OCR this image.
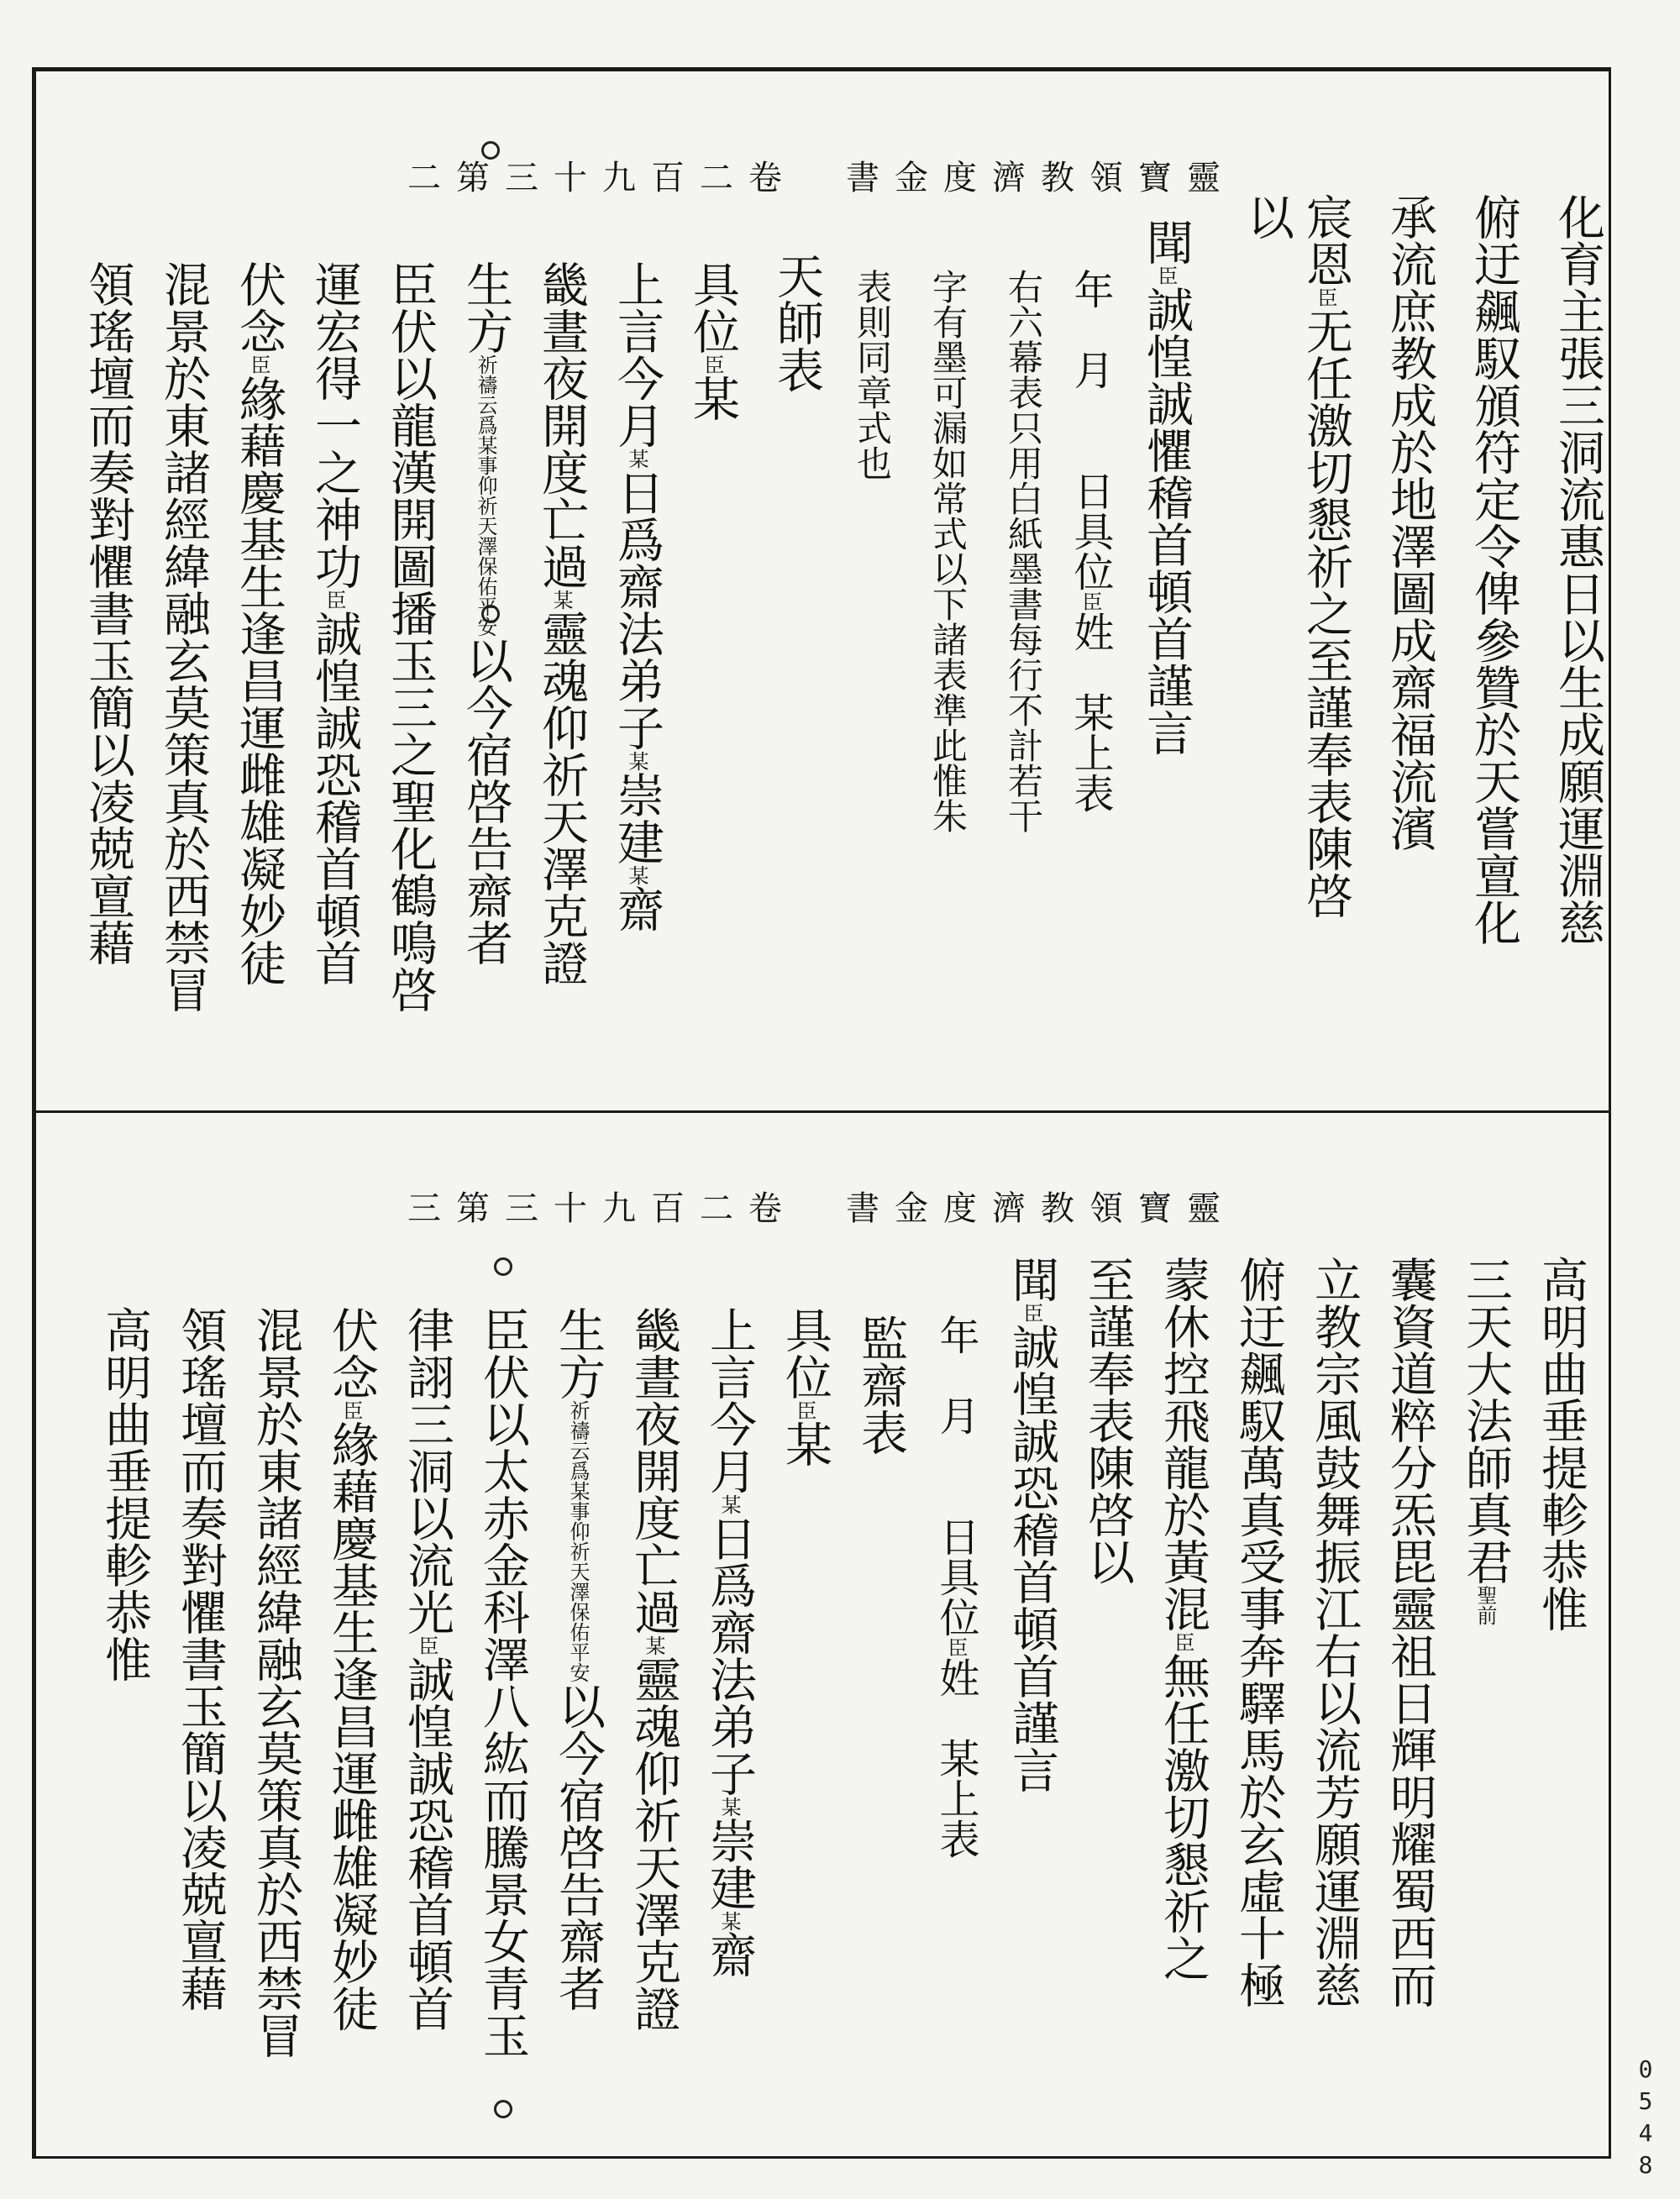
靈寶領教濟度金書卷二百九十三第二
化育主張三洞流惠日以生成願運淵慈
俯迂飆馭頒符定令俾參贊於天嘗亶化
承流庶教成於地澤圖成齋福流濱
宸恩臣无任激切懇祈之至謹奉表陳啓
以
聞臣誠惶誠懼稽首頓首謹言
年　月　　日具位臣姓　某上表
右六幕表只用白紙墨書每行不計若干
字有墨可漏如常式以下諸表準此惟朱
表則同章式也
天師表
具位臣某
上言今月某日爲齋法弟子某崇建某齋
畿晝夜開度亡過某靈魂仰祈天澤克證
生方祈禱云爲某事仰祈天澤保佑平安以今宿啓告齋者
臣伏以龍漢開圖播玉三之聖化鶴鳴啓
運宏得一之神功臣誠惶誠恐稽首頓首
伏念臣緣藉慶基生逢昌運雌雄凝妙徒
混景於東諸經緯融玄莫策真於西禁冒
領瑤壇而奏對懼書玉簡以凌兢亶藉
靈寶領教濟度金書卷二百九十三第三
高明曲垂提軫恭惟
三天大法師真君聖前
囊資道粹分炁毘靈祖日輝明耀蜀西而
立教宗風鼓舞振江右以流芳願運淵慈
俯迂飆馭萬真受事奔驛馬於玄虛十極
蒙休控飛龍於黃混臣無任激切懇祈之
至謹奉表陳啓以
聞臣誠惶誠恐稽首頓首謹言
年　月　　日具位臣姓　某上表
監齋表
具位臣某
上言今月某日爲齋法弟子某崇建某齋
畿晝夜開度亡過某靈魂仰祈天澤克證
生方祈禱云爲某事仰祈天澤保佑平安以今宿啓告齋者
臣伏以太赤金科澤八紘而騰景女青玉
律詡三洞以流光臣誠惶誠恐稽首頓首
伏念臣緣藉慶基生逢昌運雌雄凝妙徒
混景於東諸經緯融玄莫策真於西禁冒
領瑤壇而奏對懼書玉簡以凌兢亶藉
高明曲垂提軫恭惟
0
5
4
8
